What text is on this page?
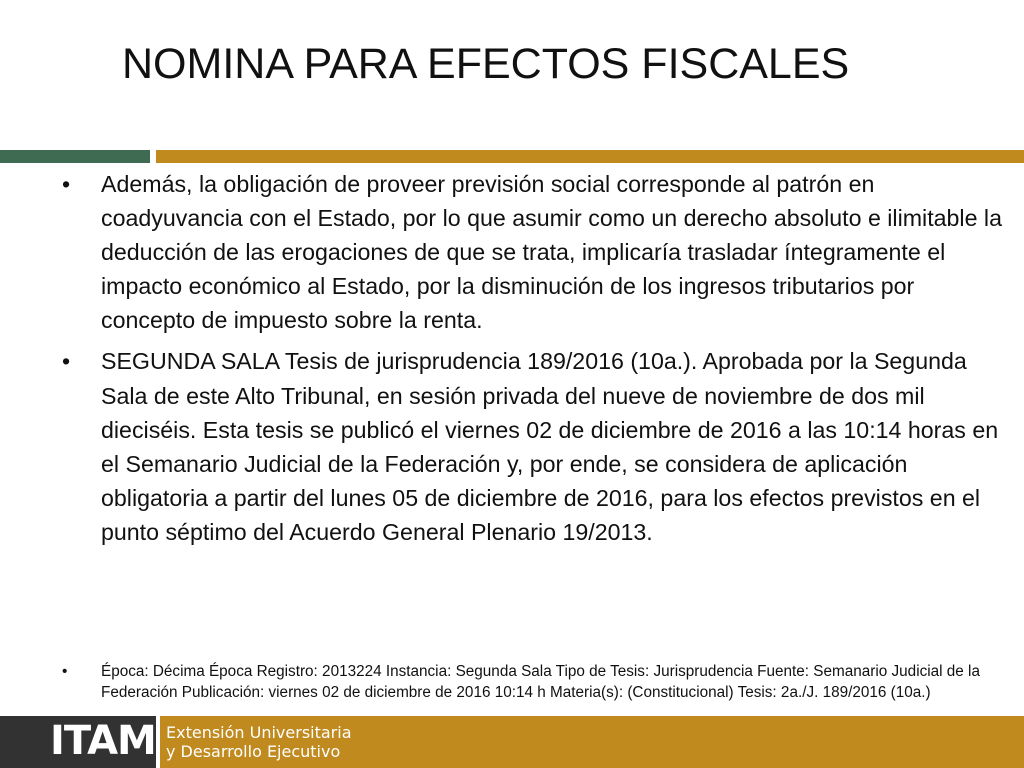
NOMINA PARA EFECTOS FISCALES
• Además, la obligación de proveer previsión social corresponde al patrón en coadyuvancia con el Estado, por lo que asumir como un derecho absoluto e ilimitable la deducción de las erogaciones de que se trata, implicaría trasladar íntegramente el impacto económico al Estado, por la disminución de los ingresos tributarios por concepto de impuesto sobre la renta.
• SEGUNDA SALA Tesis de jurisprudencia 189/2016 (10a.). Aprobada por la Segunda Sala de este Alto Tribunal, en sesión privada del nueve de noviembre de dos mil dieciséis. Esta tesis se publicó el viernes 02 de diciembre de 2016 a las 10:14 horas en el Semanario Judicial de la Federación y, por ende, se considera de aplicación obligatoria a partir del lunes 05 de diciembre de 2016, para los efectos previstos en el punto séptimo del Acuerdo General Plenario 19/2013.
• Época: Décima Época Registro: 2013224 Instancia: Segunda Sala Tipo de Tesis: Jurisprudencia Fuente: Semanario Judicial de la Federación Publicación: viernes 02 de diciembre de 2016 10:14 h Materia(s): (Constitucional) Tesis: 2a./J. 189/2016 (10a.)
ITAM Extensión Universitaria
y Desarrollo Ejecutivo
